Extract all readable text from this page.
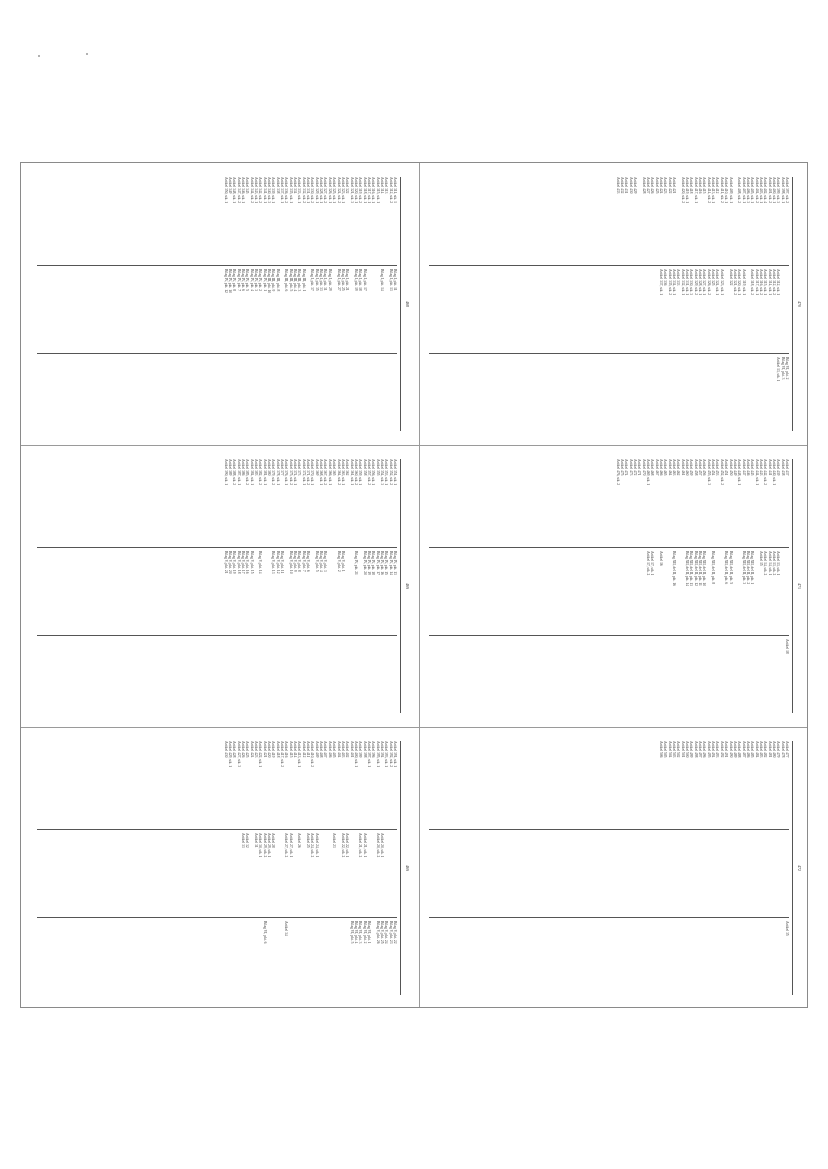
468
Artikel 311, stk. 1
Artikel 312, stk. 2
Artikel 313
Artikel 314
Artikel 315, stk. 1
Artikel 316, stk. 1
Artikel 317, stk. 1
Artikel 318, stk. 1
Artikel 319, stk. 2
Artikel 320, stk. 1
Artikel 321, stk. 3
Artikel 322
Artikel 323, stk. 1
Artikel 324, stk. 2
Artikel 325, stk. 1
Artikel 326, stk. 1
Artikel 327, stk. 2
Artikel 328, stk. 1
Artikel 329, stk. 1
Artikel 330, stk. 2
Artikel 331, stk. 1
Artikel 332, stk. 2
Artikel 333, stk. 1
Artikel 334
Artikel 335, stk. 1
Artikel 336, stk. 2
Artikel 337, stk. 1
Artikel 338
Artikel 339, stk. 1
Artikel 340, stk. 3
Artikel 341, stk. 1
Artikel 342, stk. 2
Artikel 343, stk. 1
Artikel 344, stk. 2
Artikel 345
Artikel 346, stk. 1
Artikel 347, stk. 2
Artikel 348, stk. 1
Artikel 349
Artikel 350, stk. 1
Bilag I, pkt. 11
Bilag I, pkt. 13
Bilag I, pkt. 14
Bilag I, pkt. 17
Bilag I, pkt. 18
Bilag I, pkt. 19
Bilag I, pkt. 21
Bilag I, pkt. 25
Bilag I, pkt. 27
Bilag I, pkt. 29
Bilag I, pkt. 31
Bilag I, pkt. 33
Bilag I, pkt. 35
Bilag I, pkt. 37
Bilag III, pkt. 1
Bilag III, pkt. 3
Bilag III, pkt. 4
Bilag III, pkt. 5
Bilag III, pkt. 6
Bilag III, pkt. 8
Bilag III, pkt. 9
Bilag III, pkt. 10
Bilag IV, pkt. 1
Bilag IV, pkt. 2
Bilag IV, pkt. 3
Bilag IV, pkt. 4
Bilag IV, pkt. 5
Bilag IV, pkt. 6
Bilag IV, pkt. 7
Bilag IV, pkt. 8
Bilag IV, pkt. 10
Bilag IV, pkt. 12
470
Artikel 397, stk. 2
Artikel 398, stk. 1
Artikel 399, stk. 3
Artikel 400, stk. 1
Artikel 401, stk. 2
Artikel 402, stk. 4
Artikel 403, stk. 1
Artikel 404, stk. 2
Artikel 405, stk. 1
Artikel 406, stk. 3
Artikel 407, stk. 1
Artikel 408, stk. 2
Artikel 409, stk. 1
Artikel 410, stk. 1
Artikel 411, stk. 2
Artikel 412
Artikel 413, stk. 1
Artikel 414, stk. 2
Artikel 415
Artikel 416
Artikel 417, stk. 1
Artikel 418
Artikel 419, stk. 1
Artikel 420, stk. 2
Artikel 421
Artikel 422
Artikel 423
Artikel 424
Artikel 425
Artikel 426
Artikel 427
Artikel 428
Artikel 429
Artikel 430
Artikel 431
Artikel 432
Artikel 433
Artikel 312, stk. 1
Artikel 312, stk. 2
Artikel 314, stk. 1
Artikel 315, stk. 1
Artikel 316, stk. 2
Artikel 317, stk. 1
Artikel 318, stk. 2
Artikel 319, stk. 1
Artikel 320, stk. 1
Artikel 321, stk. 2
Artikel 322
Artikel 323, stk. 1
Artikel 324, stk. 1
Artikel 325
Artikel 326, stk. 2
Artikel 327, stk. 1
Artikel 328, stk. 1
Artikel 329, stk. 2
Artikel 330, stk. 3
Artikel 331, stk. 1
Artikel 332, stk. 1
Artikel 333
Artikel 334, stk. 1
Artikel 335, stk. 2
Artikel 336
Artikel 337, stk. 1
Bilag VI, pkt. 2
Bilag VI, pkt. 3
Artikel 13, stk. 1
469
Artikel 351, stk. 1
Artikel 352, stk. 2
Artikel 353, stk. 1
Artikel 354, stk. 3
Artikel 355
Artikel 356, stk. 1
Artikel 357, stk. 2
Artikel 358
Artikel 359, stk. 1
Artikel 360, stk. 2
Artikel 361, stk. 1
Artikel 362
Artikel 363, stk. 1
Artikel 364, stk. 2
Artikel 365
Artikel 366, stk. 1
Artikel 367, stk. 2
Artikel 368, stk. 1
Artikel 369
Artikel 370, stk. 1
Artikel 371, stk. 2
Artikel 372, stk. 1
Artikel 373
Artikel 374, stk. 1
Artikel 375, stk. 2
Artikel 376, stk. 1
Artikel 377
Artikel 378, stk. 1
Artikel 379, stk. 2
Artikel 380
Artikel 381, stk. 1
Artikel 382, stk. 2
Artikel 383
Artikel 384, stk. 1
Artikel 385, stk. 2
Artikel 386
Artikel 387, stk. 1
Artikel 388, stk. 2
Artikel 389
Artikel 390, stk. 1
Bilag IV, pkt. 13
Bilag IV, pkt. 14
Bilag IV, pkt. 15
Bilag IV, pkt. 16
Bilag IV, pkt. 17
Bilag IV, pkt. 18
Bilag IV, pkt. 19
Bilag IV, pkt. 20
Bilag IV, pkt. 21
Bilag V, pkt. 1
Bilag V, pkt. 2
Bilag V, pkt. 3
Bilag V, pkt. 4
Bilag V, pkt. 5
Bilag V, pkt. 6
Bilag V, pkt. 7
Bilag V, pkt. 8
Bilag V, pkt. 9
Bilag V, pkt. 10
Bilag V, pkt. 11
Bilag V, pkt. 12
Bilag V, pkt. 13
Bilag V, pkt. 14
Bilag V, pkt. 15
Bilag V, pkt. 16
Bilag V, pkt. 17
Bilag V, pkt. 18
Bilag V, pkt. 19
Bilag V, pkt. 20
Bilag V, pkt. 21
471
Artikel 437
Artikel 438
Artikel 439
Artikel 440, stk. 1
Artikel 441
Artikel 442, stk. 2
Artikel 443
Artikel 444, stk. 1
Artikel 445
Artikel 446
Artikel 447
Artikel 448, stk. 1
Artikel 449
Artikel 450
Artikel 451
Artikel 452, stk. 2
Artikel 453
Artikel 454
Artikel 455, stk. 3
Artikel 456
Artikel 457
Artikel 458
Artikel 459
Artikel 460
Artikel 461
Artikel 462
Artikel 463
Artikel 464
Artikel 465
Artikel 466
Artikel 467
Artikel 468
Artikel 469, stk. 1
Artikel 470
Artikel 471
Artikel 472
Artikel 473
Artikel 474
Artikel 475
Artikel 476, stk. 2
Artikel 13, stk. 1
Artikel 13, stk. 2
Artikel 14, stk. 1
Artikel 14, stk. 2
Artikel 15
Bilag XII, del II, pkt. 1
Bilag XII, del II, pkt. 2
Bilag XII, del II, pkt. 3
Bilag XII, del II, pkt. 5
Bilag XII, del II, pkt. 6
Bilag XII, del II, pkt. 8
Bilag XII, del II, pkt. 10
Bilag XII, del II, pkt. 11
Bilag XII, del II, pkt. 12
Bilag XII, del II, pkt. 13
Bilag XII, del II, pkt. 14
Bilag XII, del II, pkt. 16
Artikel 16
Artikel 17, stk. 1
Artikel 17, stk. 2
Artikel 18
469
Artikel 391, stk. 1
Artikel 392, stk. 2
Artikel 393, stk. 1
Artikel 394
Artikel 395, stk. 1
Artikel 396
Artikel 397, stk. 1
Artikel 398
Artikel 399
Artikel 400, stk. 1
Artikel 401
Artikel 402
Artikel 403
Artikel 404
Artikel 405
Artikel 406
Artikel 407
Artikel 408
Artikel 409
Artikel 410, stk. 2
Artikel 411
Artikel 412
Artikel 413, stk. 1
Artikel 414
Artikel 415
Artikel 416
Artikel 417, stk. 2
Artikel 418
Artikel 419
Artikel 420
Artikel 421
Artikel 422, stk. 1
Artikel 423
Artikel 424
Artikel 425
Artikel 426
Artikel 427, stk. 3
Artikel 428
Artikel 429, stk. 1
Artikel 430
Artikel 20, stk. 1
Artikel 20, stk. 2
Artikel 21, stk. 1
Artikel 21, stk. 2
Artikel 22, stk. 1
Artikel 22, stk. 2
Artikel 23
Artikel 24, stk. 1
Artikel 24, stk. 2
Artikel 25
Artikel 26
Artikel 27, stk. 1
Artikel 27, stk. 2
Artikel 28
Artikel 29, stk. 1
Artikel 29, stk. 2
Artikel 30, stk. 1
Artikel 31
Artikel 32
Artikel 33
Bilag V, pkt. 22
Bilag V, pkt. 23
Bilag V, pkt. 24
Bilag V, pkt. 25
Bilag V, pkt. 26
Bilag VI, pkt. 1
Bilag VI, pkt. 2
Bilag VI, pkt. 3
Bilag VI, pkt. 4
Bilag VI, pkt. 5
Artikel 34
Bilag VI, pkt. 6
472
Artikel 477
Artikel 478
Artikel 479
Artikel 480
Artikel 481
Artikel 482
Artikel 483
Artikel 484
Artikel 485
Artikel 486
Artikel 487
Artikel 488
Artikel 489
Artikel 490
Artikel 491
Artikel 492
Artikel 493
Artikel 494
Artikel 495
Artikel 496
Artikel 497
Artikel 498
Artikel 499
Artikel 500
Artikel 501
Artikel 502
Artikel 503
Artikel 504
Artikel 505
Artikel 506
Artikel 35
